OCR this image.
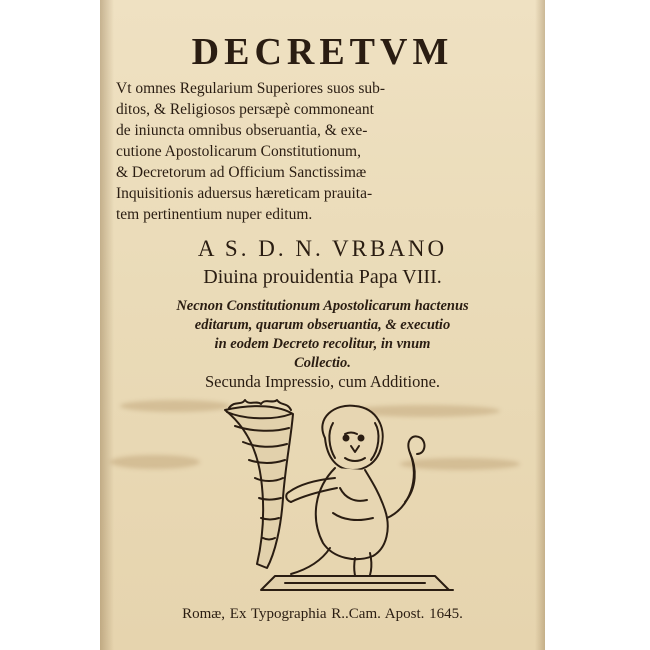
DECRETVM
Vt omnes Regularium Superiores suos sub-
ditos, & Religiosos persæpè commoneant
de iniuncta omnibus obseruantia, & exe-
cutione Apostolicarum Constitutionum,
& Decretorum ad Officium Sanctissimæ
Inquisitionis aduersus hæreticam prauita-
tem pertinentium nuper editum.
A S. D. N. VRBANO
Diuina prouidentia Papa VIII.
Necnon Constitutionum Apostolicarum hactenus
editarum, quarum obseruantia, & executio
in eodem Decreto recolitur, in vnum
Collectio.
Secunda Impressio, cum Additione.
Romæ, Ex Typographia R..Cam. Apost. 1645.
